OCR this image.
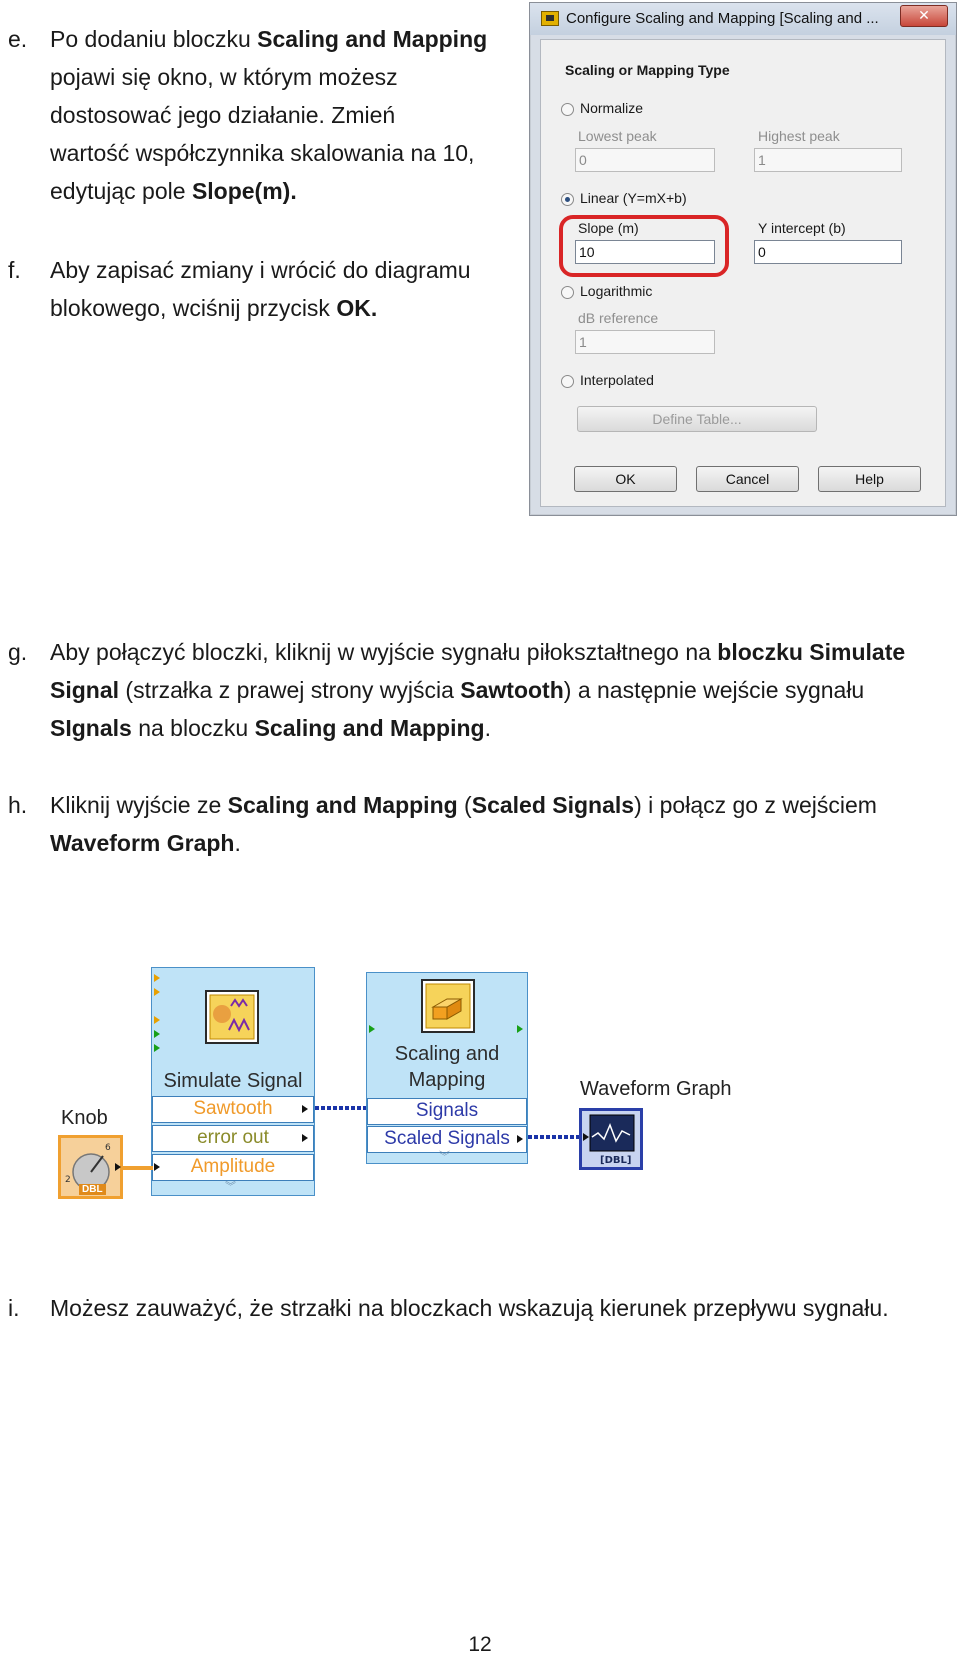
e. Po dodaniu bloczku Scaling and Mapping
pojawi się okno, w którym możesz
dostosować jego działanie. Zmień
wartość współczynnika skalowania na 10,
edytując pole Slope(m).
f. Aby zapisać zmiany i wrócić do diagramu
blokowego, wciśnij przycisk OK.
Configure Scaling and Mapping [Scaling and ...	✕
Scaling or Mapping Type
Normalize
Lowest peak	Highest peak
0	1
Linear (Y=mX+b)
Slope (m)	Y intercept (b)
10	0
Logarithmic
dB reference
1
Interpolated
Define Table...
OK	Cancel	Help
g. Aby połączyć bloczki, kliknij w wyjście sygnału piłokształtnego na bloczku Simulate
Signal (strzałka z prawej strony wyjścia Sawtooth) a następnie wejście sygnału
SIgnals na bloczku Scaling and Mapping.
h. Kliknij wyjście ze Scaling and Mapping (Scaled Signals) i połącz go z wejściem
Waveform Graph.
Knob
2
6
DBL
Simulate Signal
Sawtooth
error out
Amplitude
︾
Scaling and
Mapping
Signals
Scaled Signals
︾
Waveform Graph
[DBL]
i. Możesz zauważyć, że strzałki na bloczkach wskazują kierunek przepływu sygnału.
12
